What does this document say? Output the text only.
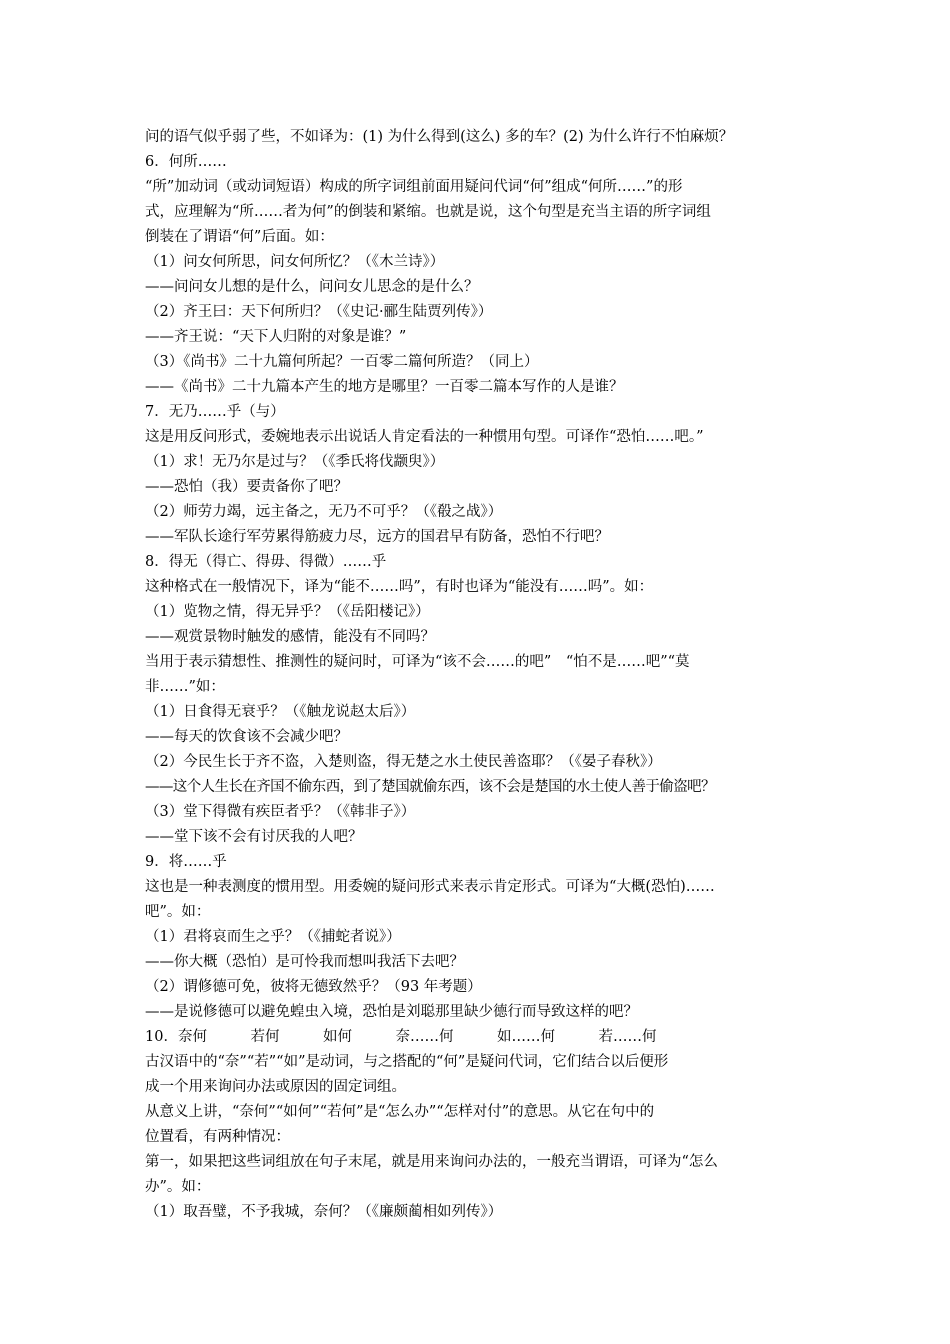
问的语气似乎弱了些，不如译为：(1) 为什么得到(这么) 多的车？(2) 为什么许行不怕麻烦？
6．何所……
“所”加动词（或动词短语）构成的所字词组前面用疑问代词“何”组成“何所……”的形
式，应理解为“所……者为何”的倒装和紧缩。也就是说，这个句型是充当主语的所字词组
倒装在了谓语“何”后面。如：
（1）问女何所思，问女何所忆？（《木兰诗》）
——问问女儿想的是什么，问问女儿思念的是什么？
（2）齐王曰：天下何所归？（《史记·郦生陆贾列传》）
——齐王说：“天下人归附的对象是谁？”
（3）《尚书》二十九篇何所起？一百零二篇何所造？（同上）
——《尚书》二十九篇本产生的地方是哪里？一百零二篇本写作的人是谁？
7．无乃……乎（与）
这是用反问形式，委婉地表示出说话人肯定看法的一种惯用句型。可译作“恐怕……吧。”
（1）求！无乃尔是过与？（《季氏将伐颛臾》）
——恐怕（我）要责备你了吧？
（2）师劳力竭，远主备之，无乃不可乎？（《殽之战》）
——军队长途行军劳累得筋疲力尽，远方的国君早有防备，恐怕不行吧？
8．得无（得亡、得毋、得微）……乎
这种格式在一般情况下，译为“能不……吗”，有时也译为“能没有……吗”。如：
（1）览物之情，得无异乎？（《岳阳楼记》）
——观赏景物时触发的感情，能没有不同吗？
当用于表示猜想性、推测性的疑问时，可译为“该不会……的吧”　“怕不是……吧”“莫
非……”如：
（1）日食得无衰乎？（《触龙说赵太后》）
——每天的饮食该不会减少吧？
（2）今民生长于齐不盗，入楚则盗，得无楚之水土使民善盗耶？（《晏子春秋》）
——这个人生长在齐国不偷东西，到了楚国就偷东西，该不会是楚国的水土使人善于偷盗吧？
（3）堂下得微有疾臣者乎？（《韩非子》）
——堂下该不会有讨厌我的人吧？
9．将……乎
这也是一种表测度的惯用型。用委婉的疑问形式来表示肯定形式。可译为“大概(恐怕)……
吧”。如：
（1）君将哀而生之乎？（《捕蛇者说》）
——你大概（恐怕）是可怜我而想叫我活下去吧？
（2）谓修德可免，彼将无德致然乎？（93 年考题）
——是说修德可以避免蝗虫入境，恐怕是刘聪那里缺少德行而导致这样的吧？
10．奈何　　　若何　　　如何　　　奈……何　　　如……何　　　若……何
古汉语中的“奈”“若”“如”是动词，与之搭配的“何”是疑问代词，它们结合以后便形
成一个用来询问办法或原因的固定词组。
从意义上讲，“奈何”“如何”“若何”是“怎么办”“怎样对付”的意思。从它在句中的
位置看，有两种情况：
第一，如果把这些词组放在句子末尾，就是用来询问办法的，一般充当谓语，可译为“怎么
办”。如：
（1）取吾璧，不予我城，奈何？（《廉颇蔺相如列传》）
